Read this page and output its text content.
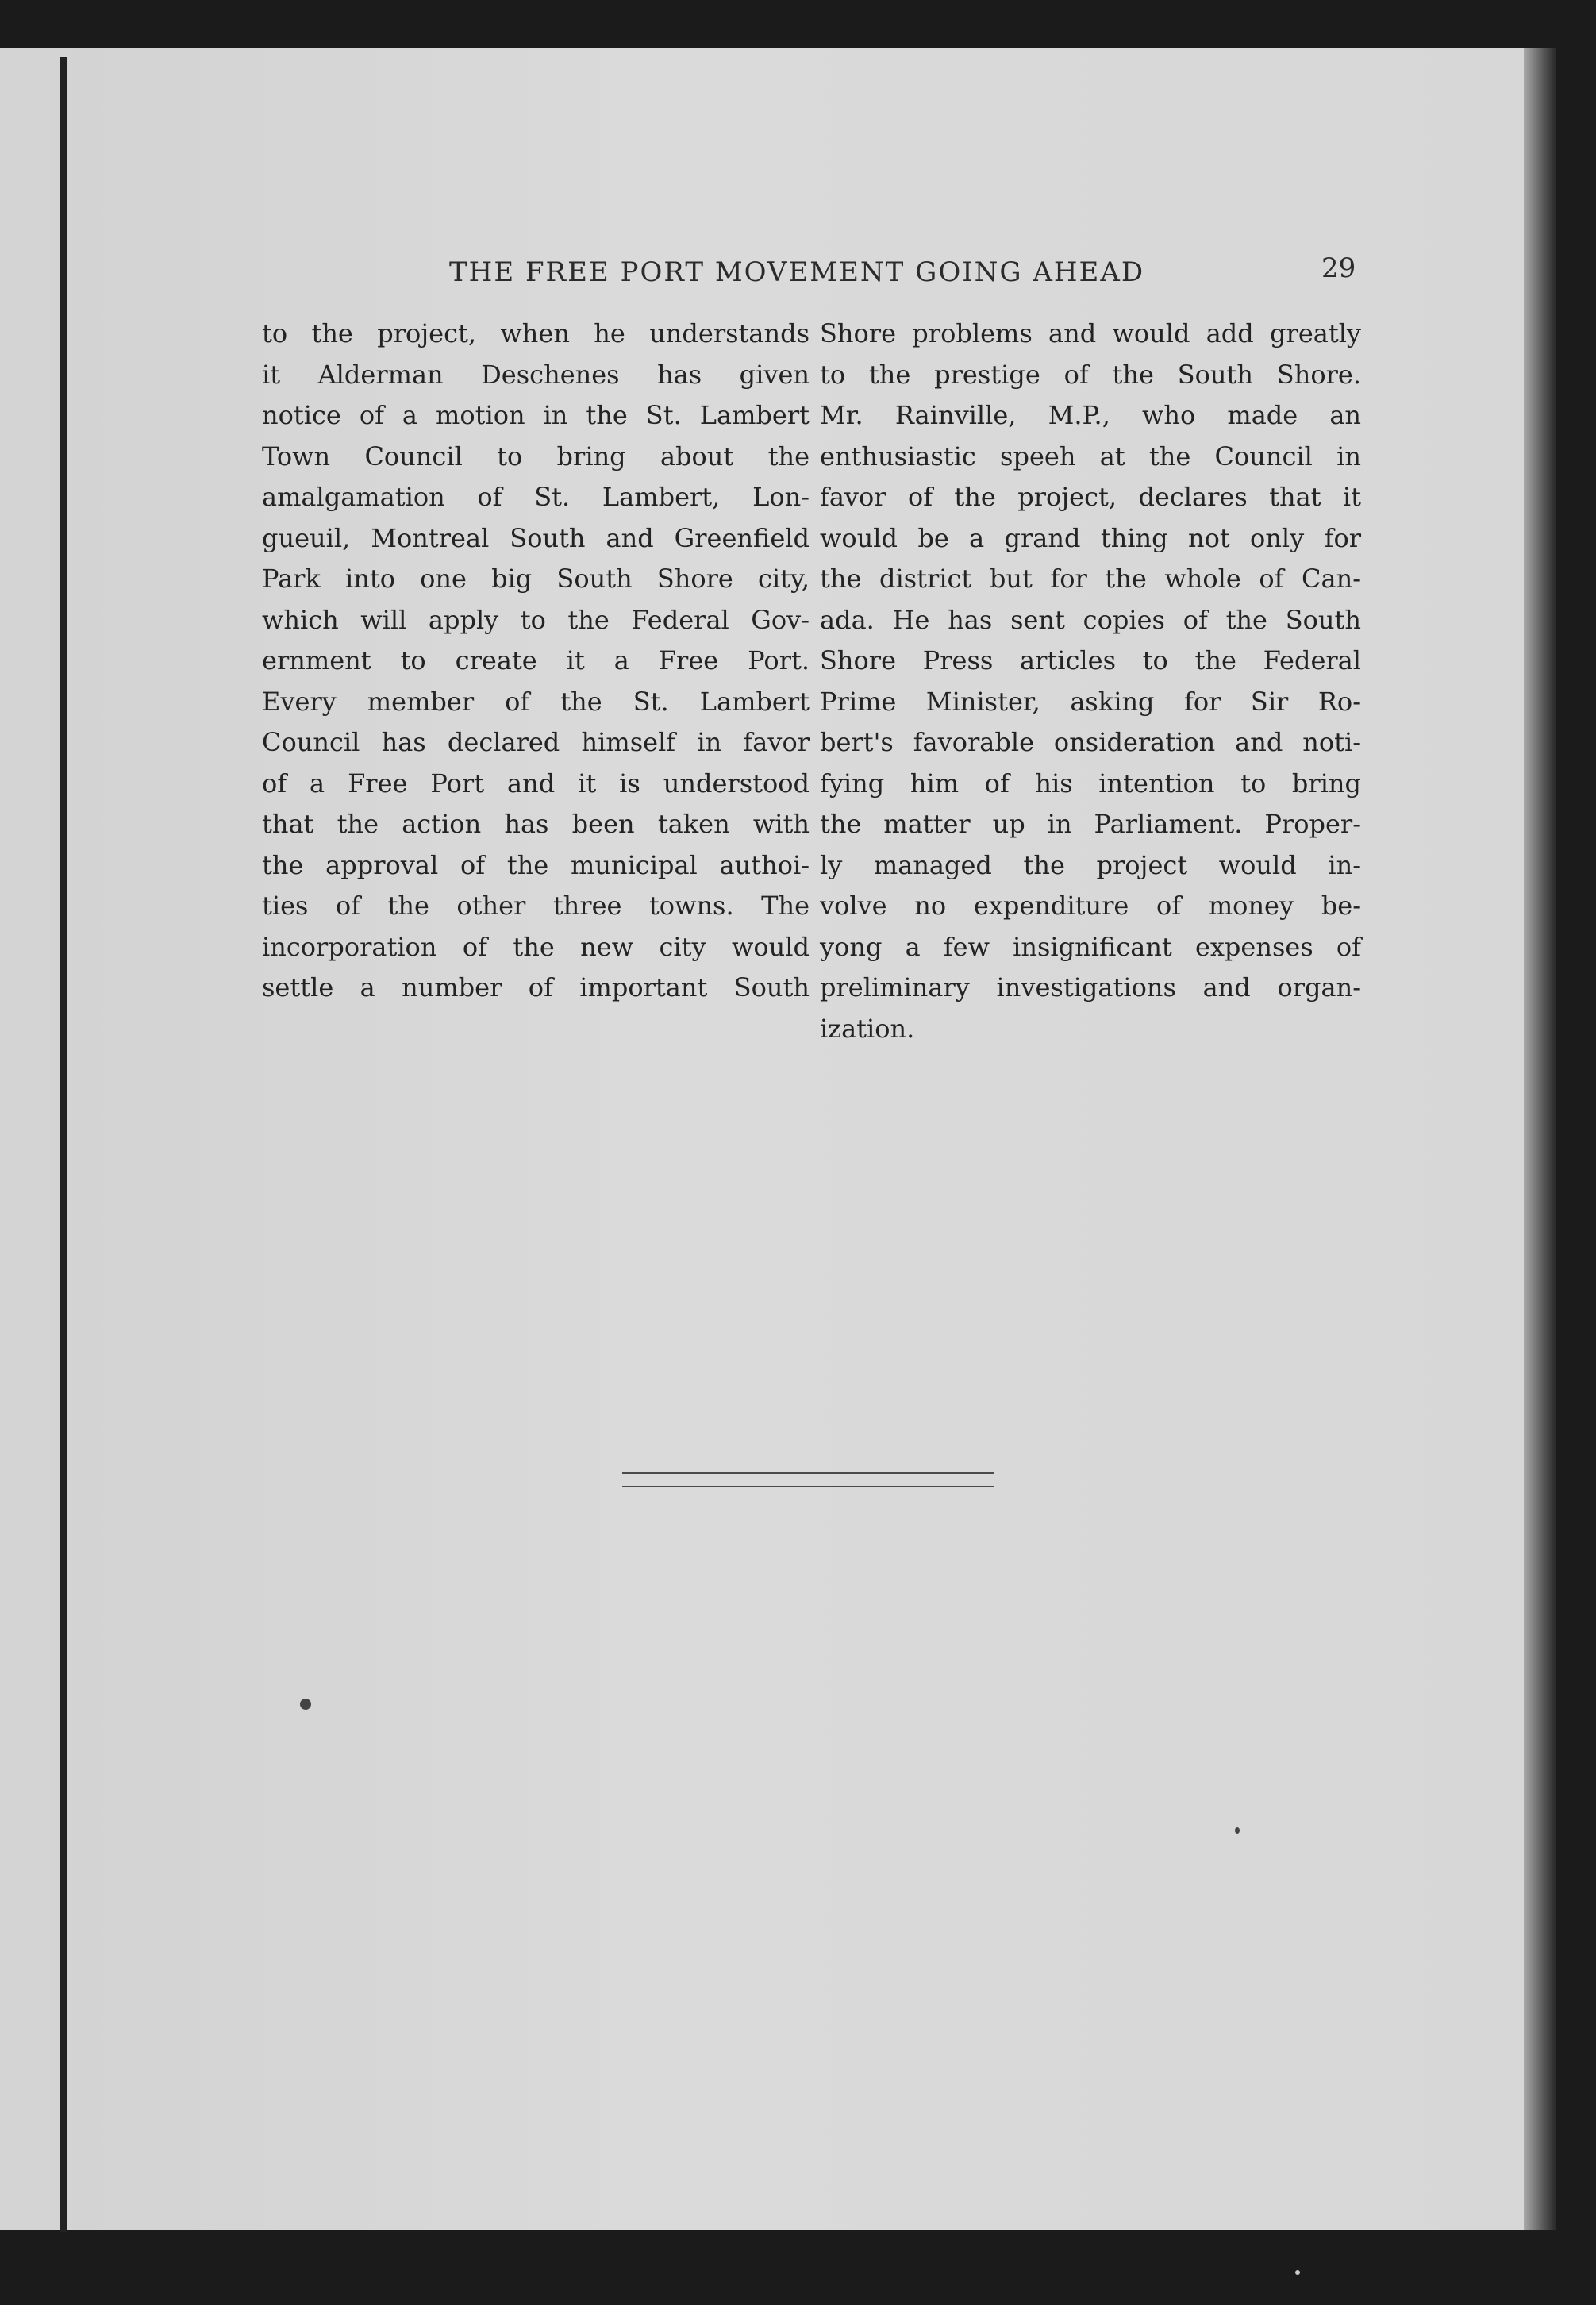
THE FREE PORT MOVEMENT GOING AHEAD	29
to the project, when he understands
it Alderman Deschenes has given
notice of a motion in the St. Lambert
Town Council to bring about the
amalgamation of St. Lambert, Lon-
gueuil, Montreal South and Greenfield
Park into one big South Shore city,
which will apply to the Federal Gov-
ernment to create it a Free Port.
Every member of the St. Lambert
Council has declared himself in favor
of a Free Port and it is understood
that the action has been taken with
the approval of the municipal authoi-
ties of the other three towns. The
incorporation of the new city would
settle a number of important South
Shore problems and would add greatly
to the prestige of the South Shore.
Mr. Rainville, M.P., who made an
enthusiastic speeh at the Council in
favor of the project, declares that it
would be a grand thing not only for
the district but for the whole of Can-
ada. He has sent copies of the South
Shore Press articles to the Federal
Prime Minister, asking for Sir Ro-
bert's favorable onsideration and noti-
fying him of his intention to bring
the matter up in Parliament. Proper-
ly managed the project would in-
volve no expenditure of money be-
yong a few insignificant expenses of
preliminary investigations and organ-
ization.
